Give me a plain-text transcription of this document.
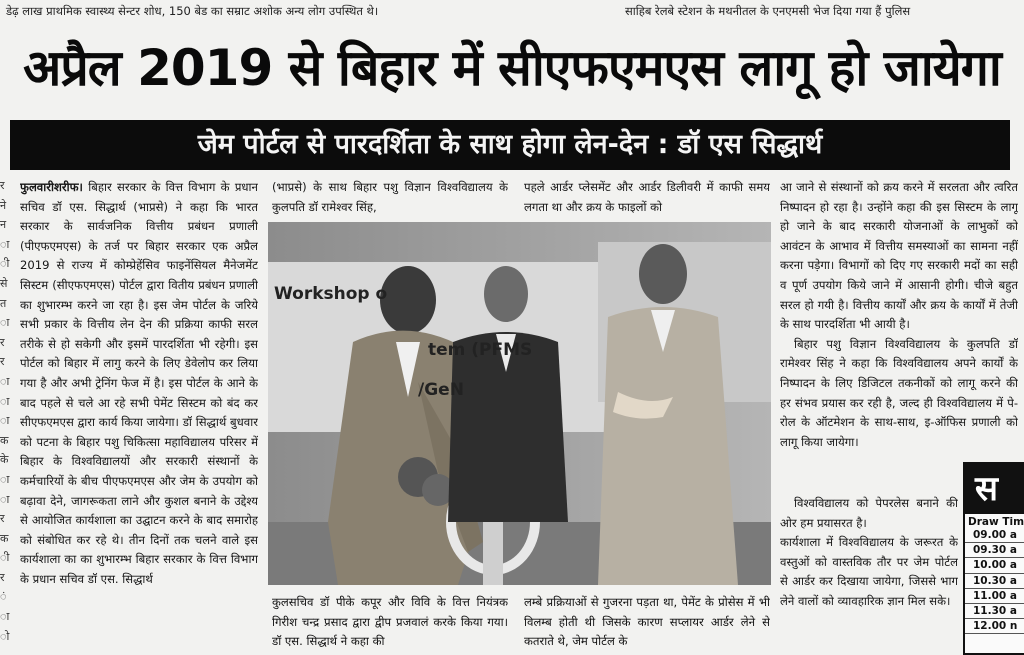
डेढ़ लाख प्राथमिक स्वास्थ्य सेन्टर शोध, 150 बेड का सम्राट अशोक अन्य लोग उपस्थित थे।	साहिब रेलबे स्टेशन के मथनीतल के एनएमसी भेज दिया गया हैं पुलिस
अप्रैल 2019 से बिहार में सीएफएमएस लागू हो जायेगा
जेम पोर्टल से पारदर्शिता के साथ होगा लेन-देन : डॉ एस सिद्धार्थ
र
ने
न
ा
ी
से
त
ा
र
र
ा
ा
ा
क
के
ा
ा
र
क
ी
र
ं
ा
ो

फुलवारीशरीफ। बिहार सरकार के वित्त विभाग के प्रधान सचिव डॉ एस. सिद्धार्थ (भाप्रसे) ने कहा कि भारत सरकार के सार्वजनिक वित्तीय प्रबंधन प्रणाली (पीएफएमएस) के तर्ज पर बिहार सरकार एक अप्रैल 2019 से राज्य में कोम्प्रेहेंसिव फाइनेंसियल मैनेजमेंट सिस्टम (सीएफएमएस) पोर्टल द्वारा वितीय प्रबंधन प्रणाली का शुभारम्भ करने जा रहा है। इस जेम पोर्टल के जरिये सभी प्रकार के वित्तीय लेन देन की प्रक्रिया काफी सरल तरीके से हो सकेगी और इसमें पारदर्शिता भी रहेगी। इस पोर्टल को बिहार में लागु करने के लिए डेवेलोप कर लिया गया है और अभी ट्रेनिंग फेज में है। इस पोर्टल के आने के बाद पहले से चले आ रहे सभी पेमेंट सिस्टम को बंद कर सीएफएमएस द्वारा कार्य किया जायेगा। डॉ सिद्धार्थ बुधवार को पटना के बिहार पशु चिकित्सा महाविद्यालय परिसर में बिहार के विश्वविद्यालयों और सरकारी संस्थानों के कर्मचारियों के बीच पीएफएमएस और जेम के उपयोग को बढ़ावा देने, जागरूकता लाने और कुशल बनाने के उद्देश्य से आयोजित कार्यशाला का उद्घाटन करने के बाद समारोह को संबोधित कर रहे थे। तीन दिनों तक चलने वाले इस कार्यशाला का का शुभारम्भ बिहार सरकार के वित्त विभाग के प्रधान सचिव डॉ एस. सिद्धार्थ

(भाप्रसे) के साथ बिहार पशु विज्ञान विश्वविद्यालय के कुलपति डॉ रामेश्वर सिंह,

पहले आर्डर प्लेसमेंट और आर्डर डिलीवरी में काफी समय लगता था और क्रय के फाइलों को

Workshop o
tem (PFMS
/GeN

कुलसचिव डॉ पीके कपूर और विवि के वित्त नियंत्रक गिरीश चन्द्र प्रसाद द्वारा द्वीप प्रजवालं करके किया गया। डॉ एस. सिद्धार्थ ने कहा की

लम्बे प्रक्रियाओं से गुजरना पड़ता था, पेमेंट के प्रोसेस में भी विलम्ब होती थी जिसके कारण सप्लायर आर्डर लेने से कतराते थे, जेम पोर्टल के

आ जाने से संस्थानों को क्रय करने में सरलता और त्वरित निष्पादन हो रहा है। उन्होंने कहा की इस सिस्टम के लागू हो जाने के बाद सरकारी योजनाओं के लाभुकों को आवंटन के आभाव में वित्तीय समस्याओं का सामना नहीं करना पड़ेगा। विभागों को दिए गए सरकारी मदों का सही व पूर्ण उपयोग किये जाने में आसानी होगी। चीजे बहुत सरल हो गयी है। वित्तीय कार्यों और क्रय के कार्यों में तेजी के साथ पारदर्शिता भी आयी है।

बिहार पशु विज्ञान विश्वविद्यालय के कुलपति डॉ रामेश्वर सिंह ने कहा कि विश्वविद्यालय अपने कार्यों के निष्पादन के लिए डिजिटल तकनीकों को लागू करने की हर संभव प्रयास कर रही है, जल्द ही विश्वविद्यालय में पे-रोल के ऑटमेशन के साथ-साथ, इ-ऑफिस प्रणाली को लागू किया जायेगा।

विश्वविद्यालय को पेपरलेस बनाने की ओर हम प्रयासरत है।

कार्यशाला में विश्वविद्यालय के जरूरत के वस्तुओं को वास्तविक तौर पर जेम पोर्टल से आर्डर कर दिखाया जायेगा, जिससे भाग लेने वालों को व्यावहारिक ज्ञान मिल सके।

स
Draw Tim
09.00 a
09.30 a
10.00 a
10.30 a
11.00 a
11.30 a
12.00 n
